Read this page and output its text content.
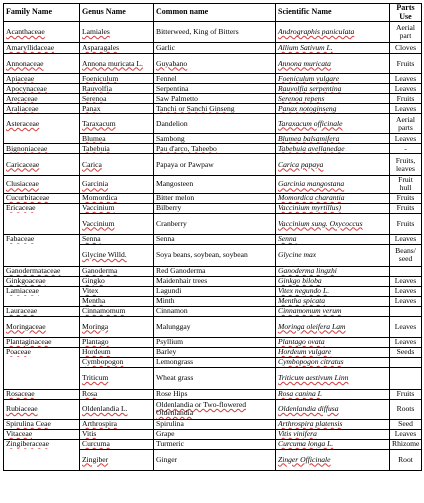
Family Name	Genus Name	Common name	Scientific Name	Parts Use
Acanthaceae	Lamiales	Bitterweed, King of Bitters	Andrographis paniculata	Aerial part
Amaryllidaceae	Asparagales	Garlic	Allium Sativum L.	Cloves
Annonaceae	Annona muricata L.	Guyabano	Annona muricata	Fruits
Apiaceae	Foeniculum	Fennel	Foeniculum vulgare	Leaves
Apocynaceae	Rauvolfia	Serpentina	Rauvolfia serpentina	Leaves
Arecaceae	Serenoa	Saw Palmetto	Serenoa repens	Fruits
Araliaceae	Panax	Tanchi or Sanchi Ginseng	Panax notoginseng	Leaves
Asteraceae	Taraxacum	Dandelion	Taraxacum officinale	Aerial parts
	Blumea	Sambong	Blumea balsamifera	Leaves
Bignoniaceae	Tabebuia	Pau d'arco, Taheebo	Tabebuia avellanedae	-
Caricaceae	Carica	Papaya or Pawpaw	Carica papaya	Fruits, leaves
Clusiaceae	Garcinia	Mangosteen	Garcinia mangostana	Fruit hull
Cucurbitaceae	Momordica	Bitter melon	Momordica charantia	Fruits
Ericaceae	Vaccinium	Bilberry	Vaccinium myrtillus)	Fruits
	Vaccinium	Cranberry	Vaccinium sung. Oxycoccus	Fruits
Fabaceae	Senna	Senna	Senna	Leaves
	Glycine Willd.	Soya beans, soybean, soybean	Glycine max	Beans/ seed
Ganodermataceae	Ganoderma	Red Ganoderma	Ganoderma lingzhi	
Ginkgoaceae	Gingko	Maidenhair trees	Ginkgo biloba	Leaves
Lamiaceae	Vitex	Lagundi	Vitex negundo L.	Leaves
	Mentha	Minth	Mentha spicata	Leaves
Lauraceae	Cinnamomum	Cinnamon	Cinnamomum verum	
Moringaceae	Moringa	Malunggay	Moringa oleifera Lam	Leaves
Plantaginaceae	Plantago	Psyllium	Plantago ovata	Leaves
Poaceae	Hordeum	Barley	Hordeum vulgare	Seeds
	Cymbopogon	Lemongrass	Cymbopogon citratus	
	Triticum	Wheat grass	Triticum aestivum Linn	
Rosaceae	Rosa	Rose Hips	Rosa canina L	Fruits
Rubiaceae	Oldenlandia L.	Oldenlandia or Two-flowered Oldenlandia	Oldenlandia diffusa	Roots
Spirulina Ceae	Arthrospira	Spirulina	Arthrospira platensis	Seed
Vitaceae	Vitis	Grape	Vitis vinifera	Leaves
Zingiberaceae	Curcuma	Turmeric	Curcuma longa L.	Rhizome
	Zingiber	Ginger	Zinger Officinale	Root
